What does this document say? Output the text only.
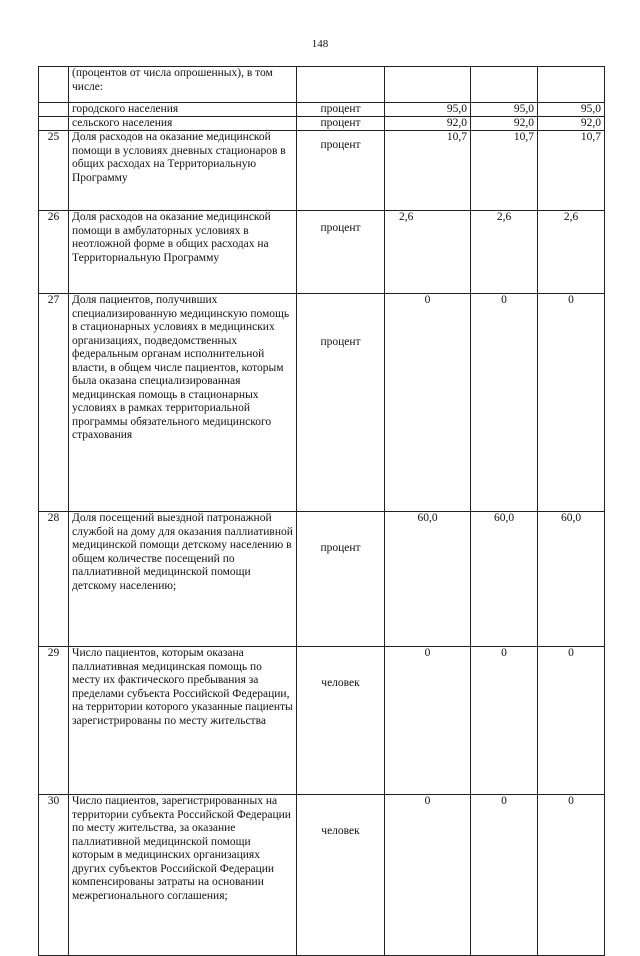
148
	(процентов от числа опрошенных), в том числе:				
	городского населения	процент	95,0	95,0	95,0
	сельского населения	процент	92,0	92,0	92,0
25	Доля расходов на оказание медицинской помощи в условиях дневных стационаров в общих расходах на Территориальную Программу	процент	10,7	10,7	10,7
26	Доля расходов на оказание медицинской помощи в амбулаторных условиях в неотложной форме в общих расходах на Территориальную Программу	процент	2,6	2,6	2,6
27	Доля пациентов, получивших специализированную медицинскую помощь в стационарных условиях в медицинских организациях, подведомственных федеральным органам исполнительной власти, в общем числе пациентов, которым была оказана специализированная медицинская помощь в стационарных условиях в рамках территориальной программы обязательного медицинского страхования	процент	0	0	0
28	Доля посещений выездной патронажной службой на дому для оказания паллиативной медицинской помощи детскому населению в общем количестве посещений по паллиативной медицинской помощи детскому населению;	процент	60,0	60,0	60,0
29	Число пациентов, которым оказана паллиативная медицинская помощь по месту их фактического пребывания за пределами субъекта Российской Федерации, на территории которого указанные пациенты зарегистрированы по месту жительства	человек	0	0	0
30	Число пациентов, зарегистрированных на территории субъекта Российской Федерации по месту жительства, за оказание паллиативной медицинской помощи которым в медицинских организациях других субъектов Российской Федерации компенсированы затраты на основании межрегионального соглашения;	человек	0	0	0
